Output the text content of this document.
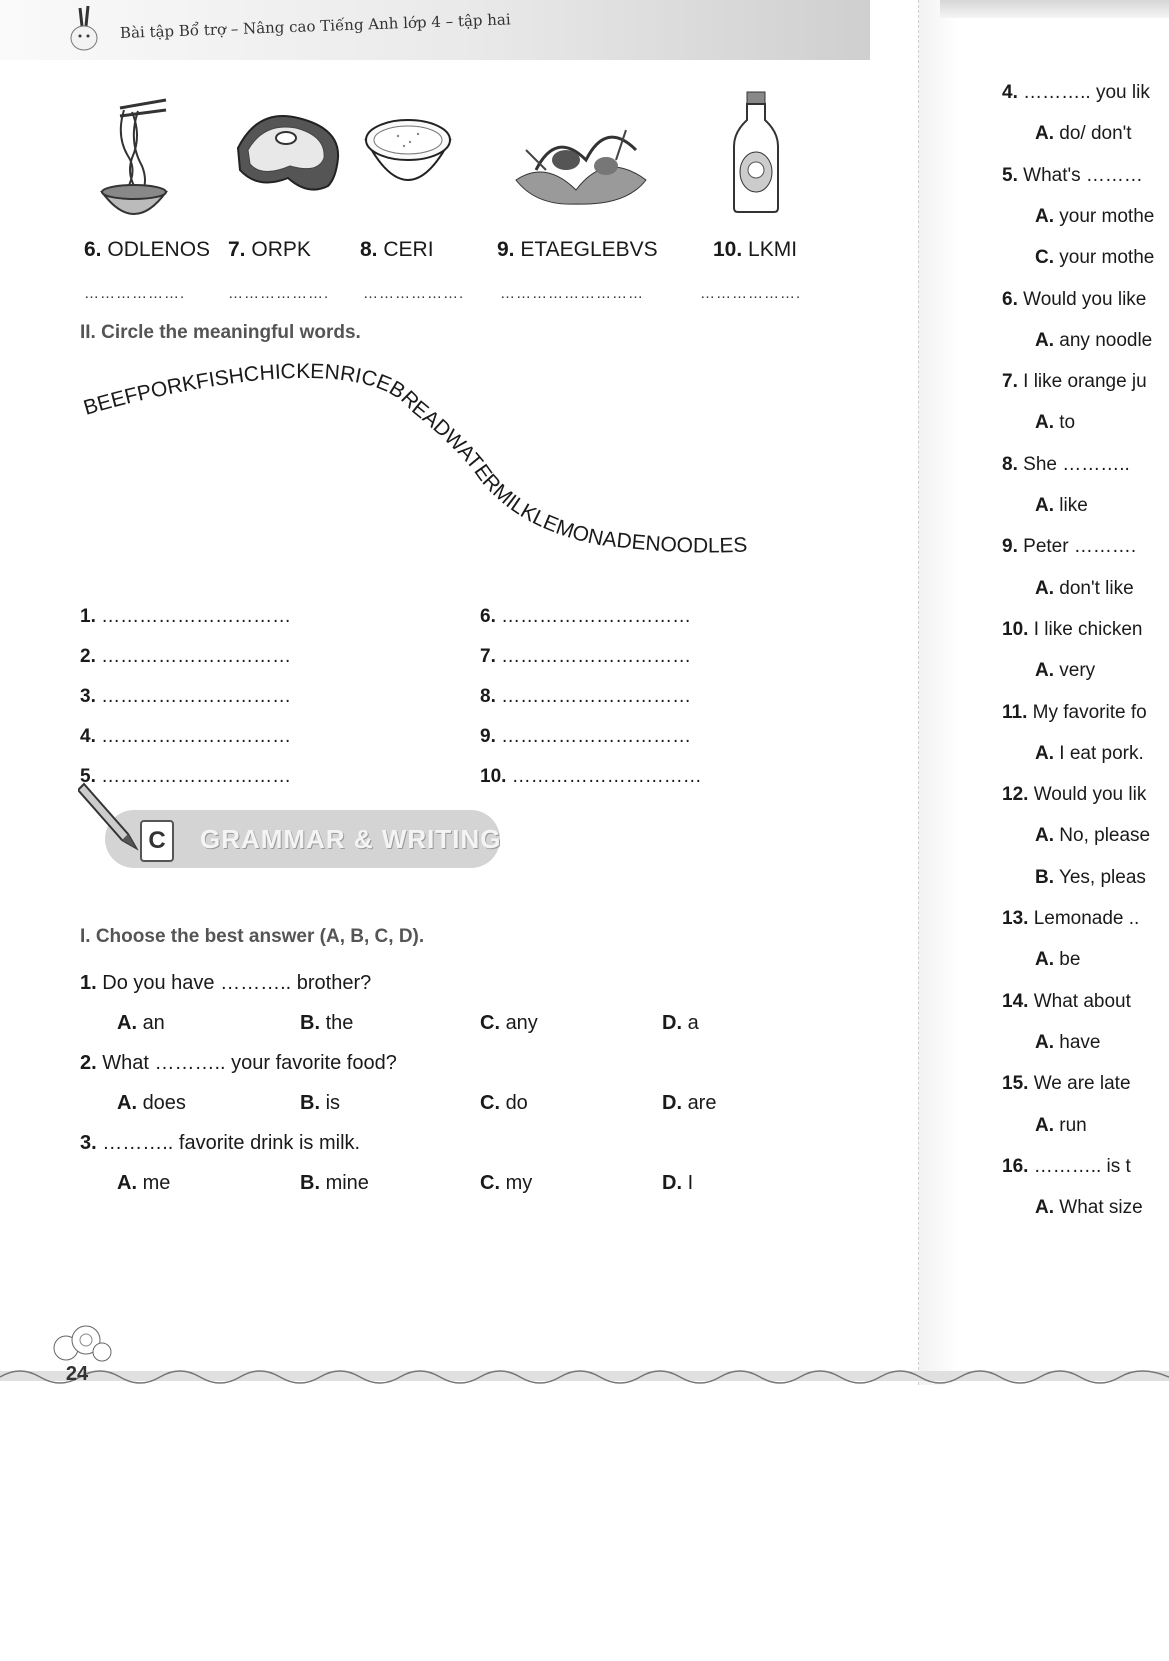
Bài tập Bổ trợ – Nâng cao Tiếng Anh lớp 4 – tập hai
4. ……….. you lik
A. do/ don't
5. What's ………
A. your mothe
C. your mothe
6. Would you like
A. any noodle
7. I like orange ju
A. to
8. She ………..
A. like
9. Peter ……….
A. don't like
10. I like chicken
A. very
11. My favorite fo
A. I eat pork.
12. Would you lik
A. No, please
B. Yes, pleas
13. Lemonade ..
A. be
14. What about
A. have
15. We are late
A. run
16. ……….. is t
A. What size
6. ODLENOS 7. ORPK 8. CERI	9. ETAEGLEBVS	10. LKMI
……………….	………………. ………………. ………………………	……………….
II. Circle the meaningful words.
BEEFPORKFISHCHICKENRICEBREADWATERMILKLEMONADENOODLES
1. …………………………
2. …………………………
3. …………………………
4. …………………………
5. …………………………
6. …………………………
7. …………………………
8. …………………………
9. …………………………
10. …………………………
C	GRAMMAR & WRITING
I. Choose the best answer (A, B, C, D).
1. Do you have ……….. brother?
A. an	B. the	C. any	D. a
2. What ……….. your favorite food?
A. does	B. is	C. do	D. are
3. ……….. favorite drink is milk.
A. me	B. mine	C. my	D. I
24
